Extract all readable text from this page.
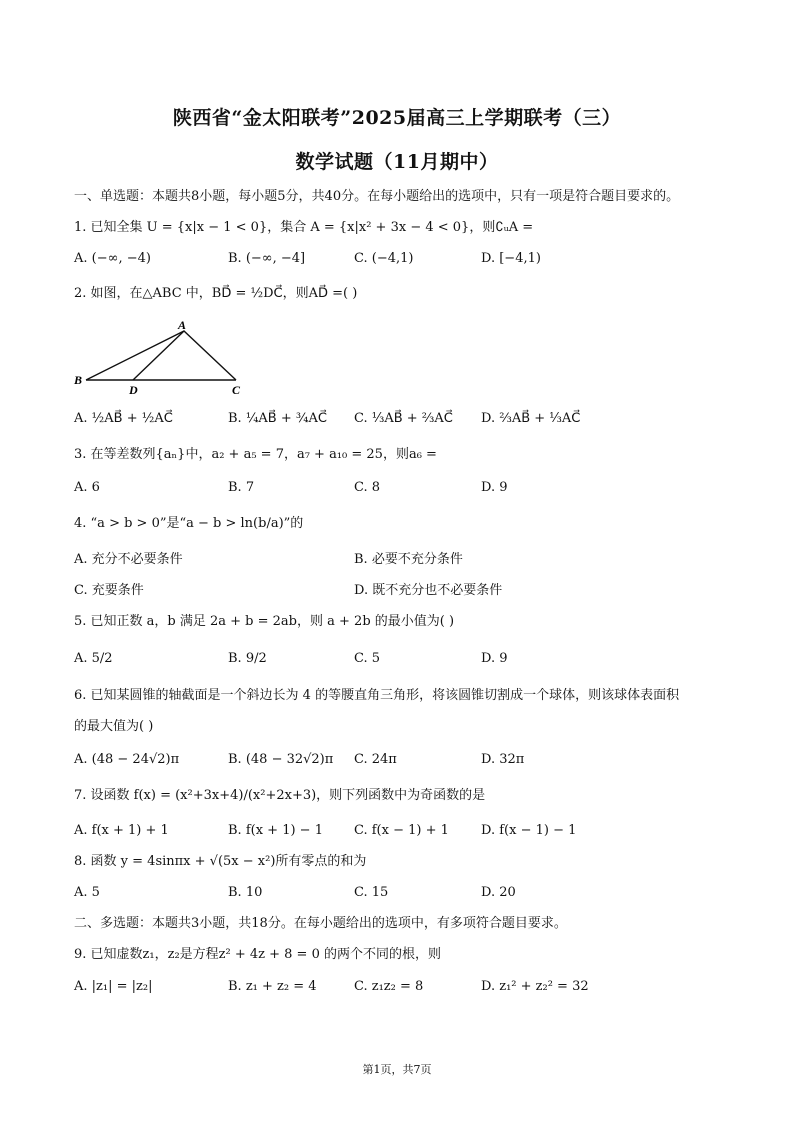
陕西省“金太阳联考”2025届高三上学期联考（三）
数学试题（11月期中）
一、单选题：本题共8小题，每小题5分，共40分。在每小题给出的选项中，只有一项是符合题目要求的。
1. 已知全集 U = {x|x − 1 < 0}，集合 A = {x|x² + 3x − 4 < 0}，则∁ᵤA =
A. (−∞, −4)	B. (−∞, −4]	C. (−4,1)	D. [−4,1)
2. 如图，在△ABC 中，BD⃗ = ½DC⃗，则AD⃗ =( )
A
B
D	C
A. ½AB⃗ + ½AC⃗	B. ¼AB⃗ + ¾AC⃗ C. ⅓AB⃗ + ⅔AC⃗ D. ⅔AB⃗ + ⅓AC⃗
3. 在等差数列{aₙ}中，a₂ + a₅ = 7，a₇ + a₁₀ = 25，则a₆ =
A. 6	B. 7	C. 8	D. 9
4. “a > b > 0”是“a − b > ln(b/a)”的
A. 充分不必要条件	B. 必要不充分条件
C. 充要条件	D. 既不充分也不必要条件
5. 已知正数 a，b 满足 2a + b = 2ab，则 a + 2b 的最小值为( )
A. 5/2	B. 9/2	C. 5	D. 9
6. 已知某圆锥的轴截面是一个斜边长为 4 的等腰直角三角形，将该圆锥切割成一个球体，则该球体表面积
的最大值为( )
A. (48 − 24√2)π	B. (48 − 32√2)π C. 24π	D. 32π
7. 设函数 f(x) = (x²+3x+4)/(x²+2x+3)，则下列函数中为奇函数的是
A. f(x + 1) + 1	B. f(x + 1) − 1 C. f(x − 1) + 1 D. f(x − 1) − 1
8. 函数 y = 4sinπx + √(5x − x²)所有零点的和为
A. 5	B. 10	C. 15	D. 20
二、多选题：本题共3小题，共18分。在每小题给出的选项中，有多项符合题目要求。
9. 已知虚数z₁，z₂是方程z² + 4z + 8 = 0 的两个不同的根，则
A. |z₁| = |z₂|	B. z₁ + z₂ = 4	C. z₁z₂ = 8	D. z₁² + z₂² = 32
第1页，共7页
